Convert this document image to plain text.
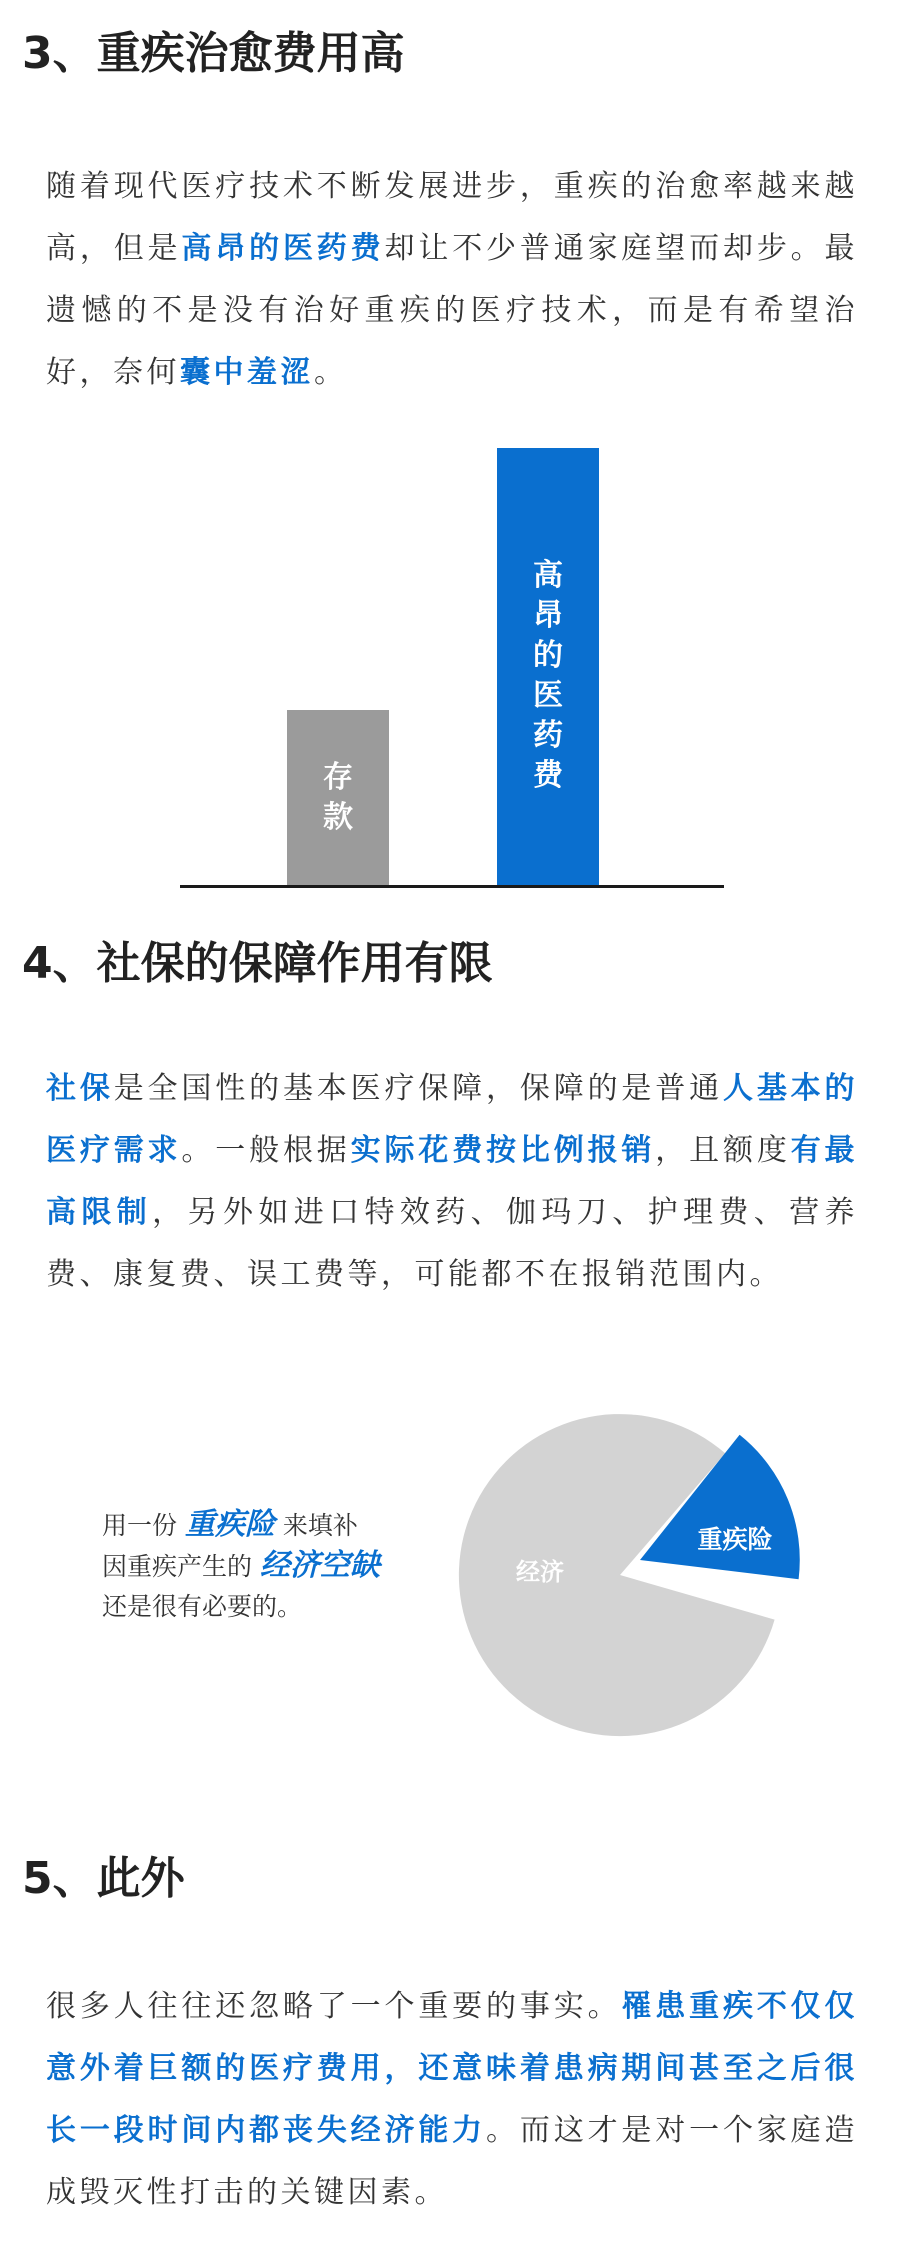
3、重疾治愈费用高
随着现代医疗技术不断发展进步，重疾的治愈率越来越高，但是高昂的医药费却让不少普通家庭望而却步。最遗憾的不是没有治好重疾的医疗技术，而是有希望治好，奈何囊中羞涩。
存
款
高
昂
的
医
药
费
4、社保的保障作用有限
社保是全国性的基本医疗保障，保障的是普通人基本的医疗需求。一般根据实际花费按比例报销，且额度有最高限制，另外如进口特效药、伽玛刀、护理费、营养费、康复费、误工费等，可能都不在报销范围内。
用一份 重疾险 来填补
因重疾产生的 经济空缺
还是很有必要的。
经济
重疾险
5、此外
很多人往往还忽略了一个重要的事实。罹患重疾不仅仅意外着巨额的医疗费用，还意味着患病期间甚至之后很长一段时间内都丧失经济能力。而这才是对一个家庭造成毁灭性打击的关键因素。
